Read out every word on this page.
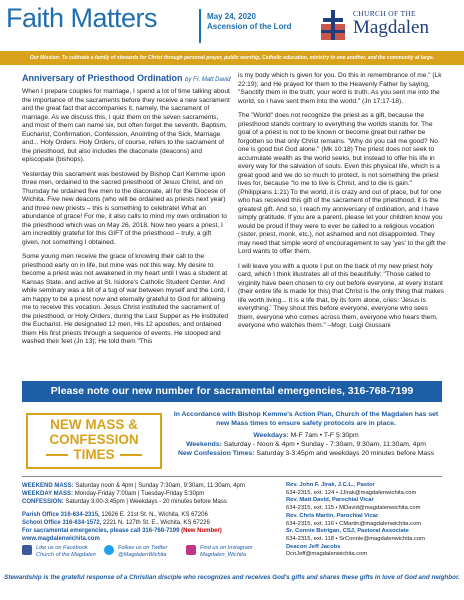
Faith Matters	May 24, 2020
Ascension of the Lord
CHURCH OF THE
Magdalen
Our Mission: To cultivate a family of stewards for Christ through personal prayer, public worship, Catholic education, ministry to one another, and the community at large.
Anniversary of Priesthood Ordination by Fr. Matt David

When I prepare couples for marriage, I spend a lot of time talking about the importance of the sacraments before they receive a new sacrament and the great fact that accompanies it, namely, the sacrament of marriage. As we discuss this, I quiz them on the seven sacraments, and most of them can name six, but often forget the seventh. Baptism, Eucharist, Confirmation, Confession, Anointing of the Sick, Marriage and... Holy Orders. Holy Orders, of course, refers to the sacrament of the priesthood, but also includes the diaconate (deacons) and episcopate (bishops).

Yesterday this sacrament was bestowed by Bishop Carl Kemme upon three men, ordained to the sacred priesthood of Jesus Christ, and on Thursday he ordained five men to the diaconate, all for the Diocese of Wichita. Five new deacons (who will be ordained as priests next year) and three new priests – this is something to celebrate! What an abundance of grace! For me, it also calls to mind my own ordination to the priesthood which was on May 26, 2018. Now two years a priest, I am incredibly grateful for this GIFT of the priesthood – truly, a gift given, not something I obtained.

Some young men receive the grace of knowing their call to the priesthood early on in life, but mine was not this way. My desire to become a priest was not awakened in my heart until I was a student at Kansas State, and active at St. Isidore's Catholic Student Center. And while seminary was a bit of a tug of war between myself and the Lord, I am happy to be a priest now and eternally grateful to God for allowing me to receive this vocation. Jesus Christ instituted the sacrament of the priesthood, or Holy Orders, during the Last Supper as He instituted the Eucharist. He designated 12 men, His 12 apostles, and ordained them His first priests through a sequence of events. He stooped and washed their feet (Jn 13); He told them "This

is my body which is given for you. Do this in remembrance of me." (Lk 22:19); and He prayed for them to the Heavenly Father by saying, "Sanctify them in the truth; your word is truth. As you sent me into the world, so I have sent them into the world." (Jn 17:17-18).

The "World" does not recognize the priest as a gift, because the priesthood stands contrary to everything the worlds stands for. The goal of a priest is not to be known or become great but rather be forgotten so that only Christ remains. "Why do you call me good? No one is good but God alone." (Mk 10:18) The priest does not seek to accumulate wealth as the world seeks, but instead to offer his life in every way for the salvation of souls. Even this physical life, which is a great good and we do so much to protect, is not something the priest lives for, because "to me to live is Christ, and to die is gain." (Philippians 1:21) To the world, it is crazy and out of place, but for one who has received this gift of the sacrament of the priesthood, it is the greatest gift. And so, I reach my anniversary of ordination, and I have simply gratitude. If you are a parent, please let your children know you would be proud if they were to ever be called to a religious vocation (sister, priest, monk, etc.), not ashamed and not disappointed. They may need that simple word of encouragement to say 'yes' to the gift the Lord wants to offer them.

I will leave you with a quote I put on the back of my new priest holy card, which I think illustrates all of this beautifully: "Those called to virginity have been chosen to cry out before everyone, at every instant (their entire life is made for this) that Christ is the only thing that makes life worth living... It is a life that, by its form alone, cries: 'Jesus is everything.' They shout this before everyone, everyone who sees them, everyone who comes across them, everyone who hears them, everyone who watches them." –Msgr. Luigi Giussani

Please note our new number for sacramental emergencies, 316-768-7199
NEW MASS &
CONFESSION
TIMES
In Accordance with Bishop Kemme's Action Plan, Church of the Magdalen has set new Mass times to ensure safety protocols are in place.
Weekdays: M-F 7am • T-F 5:30pm
Weekends: Saturday - Noon & 4pm • Sunday - 7:30am, 9:30am, 11:30am, 4pm
New Confession Times: Saturday 3-3:45pm and weekdays 20 minutes before Mass
WEEKEND MASS: Saturday noon & 4pm | Sunday 7:30am, 9:30am, 11:30am, 4pm
WEEKDAY MASS: Monday-Friday 7:00am | Tuesday-Friday 5:30pm
CONFESSION: Saturday 3:00-3:45pm | Weekdays - 20 minutes before Mass
Parish Office 316-634-2315, 12626 E. 21st St. N., Wichita, KS 67206
School Office 316-634-1572, 2221 N. 127th St. E., Wichita, KS 67226
For sacramental emergencies, please call 316-768-7199 (New Number)
www.magdalenwichita.com
Like us on Facebook
Church of the Magdalen
Follow us on Twitter
@MagdalenWichita
Find us on Instagram
Magdalen_Wichita
Rev. John F. Jirak, J.C.L., Pastor
634-2315, ext. 124 • JJirak@magdalenwichita.com
Rev. Matt David, Parochial Vicar
634-2315, ext. 115 • MDavid@magdalenwichita.com
Rev. Chris Martin, Parochial Vicar
634-2315, ext. 116 • CMartin@magdalenwichita.com
Sr. Connie Beirigan, CSJ, Pastoral Associate
634-2315, ext. 118 • SrConnie@magdalenwichita.com
Deacon Jeff Jacobs
DcnJeff@magdalenwichita.com
Stewardship is the grateful response of a Christian disciple who recognizes and receives God's gifts and shares these gifts in love of God and neighbor.
